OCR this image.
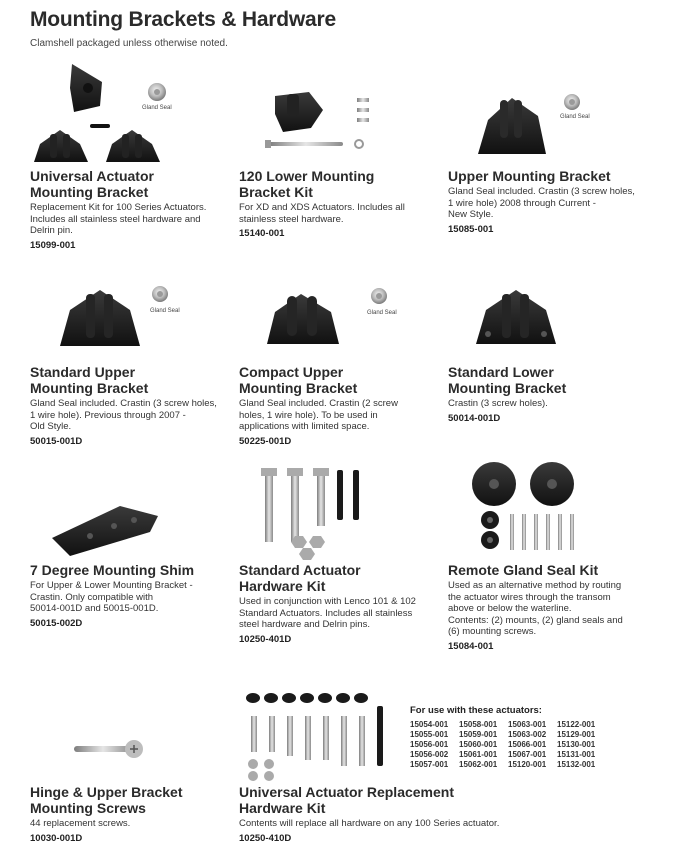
Mounting Brackets & Hardware
Clamshell packaged unless otherwise noted.
Gland Seal
Universal Actuator
Mounting Bracket
Replacement Kit for 100 Series Actuators.
Includes all stainless steel hardware and
Delrin pin.
15099-001
120 Lower Mounting
Bracket Kit
For XD and XDS Actuators. Includes all
stainless steel hardware.
15140-001
Gland Seal
Upper Mounting Bracket
Gland Seal included. Crastin (3 screw holes,
1 wire hole) 2008 through Current -
New Style.
15085-001
Gland Seal
Standard Upper
Mounting Bracket
Gland Seal included. Crastin (3 screw holes,
1 wire hole). Previous through 2007 -
Old Style.
50015-001D
Gland Seal
Compact Upper
Mounting Bracket
Gland Seal included. Crastin (2 screw
holes, 1 wire hole). To be used in
applications with limited space.
50225-001D
Standard Lower
Mounting Bracket
Crastin (3 screw holes).
50014-001D
7 Degree Mounting Shim
For Upper & Lower Mounting Bracket -
Crastin. Only compatible with
50014-001D and 50015-001D.
50015-002D
Standard Actuator
Hardware Kit
Used in conjunction with Lenco 101 & 102
Standard Actuators. Includes all stainless
steel hardware and Delrin pins.
10250-401D
Remote Gland Seal Kit
Used as an alternative method by routing
the actuator wires through the transom
above or below the waterline.
Contents: (2) mounts, (2) gland seals and
(6) mounting screws.
15084-001
Hinge & Upper Bracket
Mounting Screws
44 replacement screws.
10030-001D
Universal Actuator Replacement
Hardware Kit
Contents will replace all hardware on any 100 Series actuator.
10250-410D
For use with these actuators:
15054-001	15058-001	15063-001	15122-001
15055-001	15059-001	15063-002	15129-001
15056-001	15060-001	15066-001	15130-001
15056-002	15061-001	15067-001	15131-001
15057-001	15062-001	15120-001	15132-001
